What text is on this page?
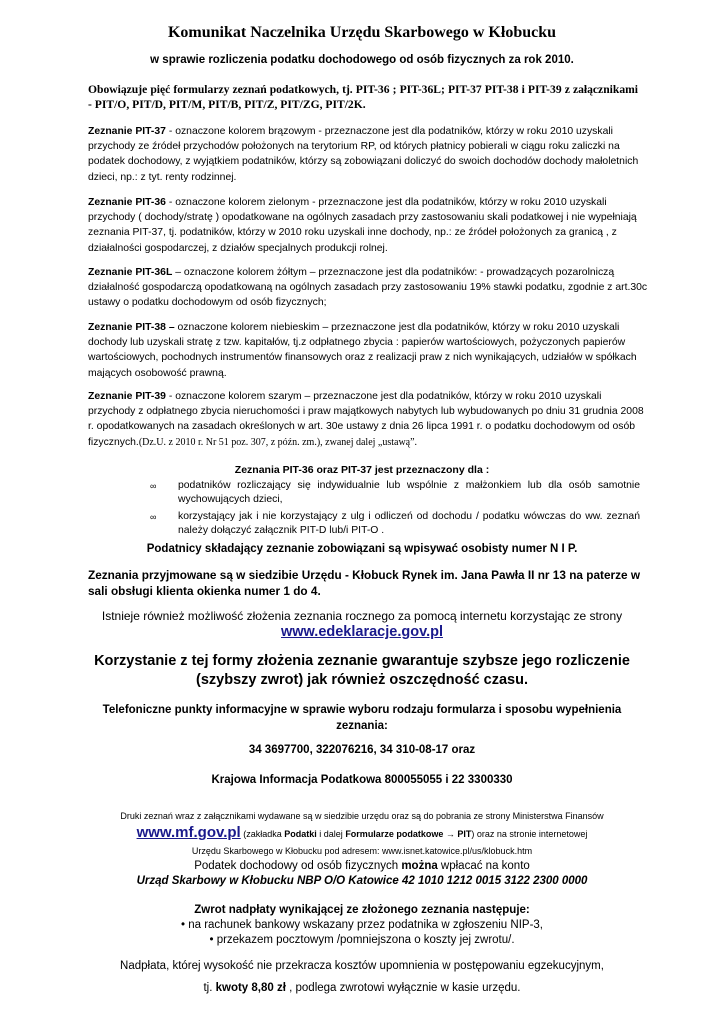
Komunikat Naczelnika Urzędu Skarbowego w Kłobucku
w sprawie rozliczenia podatku dochodowego od osób fizycznych za rok 2010.
Obowiązuje pięć formularzy zeznań podatkowych, tj. PIT-36 ; PIT-36L; PIT-37 PIT-38 i PIT-39 z załącznikami - PIT/O, PIT/D, PIT/M, PIT/B, PIT/Z, PIT/ZG, PIT/2K.
Zeznanie PIT-37 - oznaczone kolorem brązowym - przeznaczone jest dla podatników, którzy w roku 2010 uzyskali przychody ze źródeł przychodów położonych na terytorium RP, od których płatnicy pobierali w ciągu roku zaliczki na podatek dochodowy, z wyjątkiem podatników, którzy są zobowiązani doliczyć do swoich dochodów dochody małoletnich dzieci, np.: z tyt. renty rodzinnej.
Zeznanie PIT-36 - oznaczone kolorem zielonym - przeznaczone jest dla podatników, którzy w roku 2010 uzyskali przychody ( dochody/stratę ) opodatkowane na ogólnych zasadach przy zastosowaniu skali podatkowej i nie wypełniają zeznania PIT-37, tj. podatników, którzy w 2010 roku uzyskali inne dochody, np.: ze źródeł położonych za granicą , z działalności gospodarczej, z działów specjalnych produkcji rolnej.
Zeznanie PIT-36L – oznaczone kolorem żółtym – przeznaczone jest dla podatników: - prowadzących pozarolniczą działalność gospodarczą opodatkowaną na ogólnych zasadach przy zastosowaniu 19% stawki podatku, zgodnie z art.30c ustawy o podatku dochodowym od osób fizycznych;
Zeznanie PIT-38 – oznaczone kolorem niebieskim – przeznaczone jest dla podatników, którzy w roku 2010 uzyskali dochody lub uzyskali stratę z tzw. kapitałów, tj.z odpłatnego zbycia : papierów wartościowych, pożyczonych papierów wartościowych, pochodnych instrumentów finansowych oraz z realizacji praw z nich wynikających, udziałów w spółkach mających osobowość prawną.
Zeznanie PIT-39 - oznaczone kolorem szarym – przeznaczone jest dla podatników, którzy w roku 2010 uzyskali przychody z odpłatnego zbycia nieruchomości i praw majątkowych nabytych lub wybudowanych po dniu 31 grudnia 2008 r. opodatkowanych na zasadach określonych w art. 30e ustawy z dnia 26 lipca 1991 r. o podatku dochodowym od osób fizycznych.(Dz.U. z 2010 r. Nr 51 poz. 307, z późn. zm.), zwanej dalej „ustawą”.
Zeznania PIT-36 oraz PIT-37 jest przeznaczony dla :
∞	podatników rozliczający się indywidualnie lub wspólnie z małżonkiem lub dla osób samotnie wychowujących dzieci,
∞	korzystający jak i nie korzystający z ulg i odliczeń od dochodu / podatku wówczas do ww. zeznań należy dołączyć załącznik PIT-D lub/i PIT-O .
Podatnicy składający zeznanie zobowiązani są wpisywać osobisty numer N I P.
Zeznania przyjmowane są w siedzibie Urzędu - Kłobuck Rynek im. Jana Pawła II nr 13 na paterze w sali obsługi klienta okienka numer 1 do 4.
Istnieje również możliwość złożenia zeznania rocznego za pomocą internetu korzystając ze strony
www.edeklaracje.gov.pl
Korzystanie z tej formy złożenia zeznanie gwarantuje szybsze jego rozliczenie (szybszy zwrot) jak również oszczędność czasu.
Telefoniczne punkty informacyjne w sprawie wyboru rodzaju formularza i sposobu wypełnienia zeznania:
34 3697700, 322076216, 34 310-08-17 oraz
Krajowa Informacja Podatkowa 800055055 i 22 3300330
Druki zeznań wraz z załącznikami wydawane są w siedzibie urzędu oraz są do pobrania ze strony Ministerstwa Finansów
www.mf.gov.pl (zakładka Podatki i dalej Formularze podatkowe → PIT) oraz na stronie internetowej
Urzędu Skarbowego w Kłobucku pod adresem: www.isnet.katowice.pl/us/klobuck.htm
Podatek dochodowy od osób fizycznych można wpłacać na konto
Urząd Skarbowy w Kłobucku NBP O/O Katowice 42 1010 1212 0015 3122 2300 0000
Zwrot nadpłaty wynikającej ze złożonego zeznania następuje:
• na rachunek bankowy wskazany przez podatnika w zgłoszeniu NIP-3,
• przekazem pocztowym /pomniejszona o koszty jej zwrotu/.
Nadpłata, której wysokość nie przekracza kosztów upomnienia w postępowaniu egzekucyjnym,
tj. kwoty 8,80 zł , podlega zwrotowi wyłącznie w kasie urzędu.
